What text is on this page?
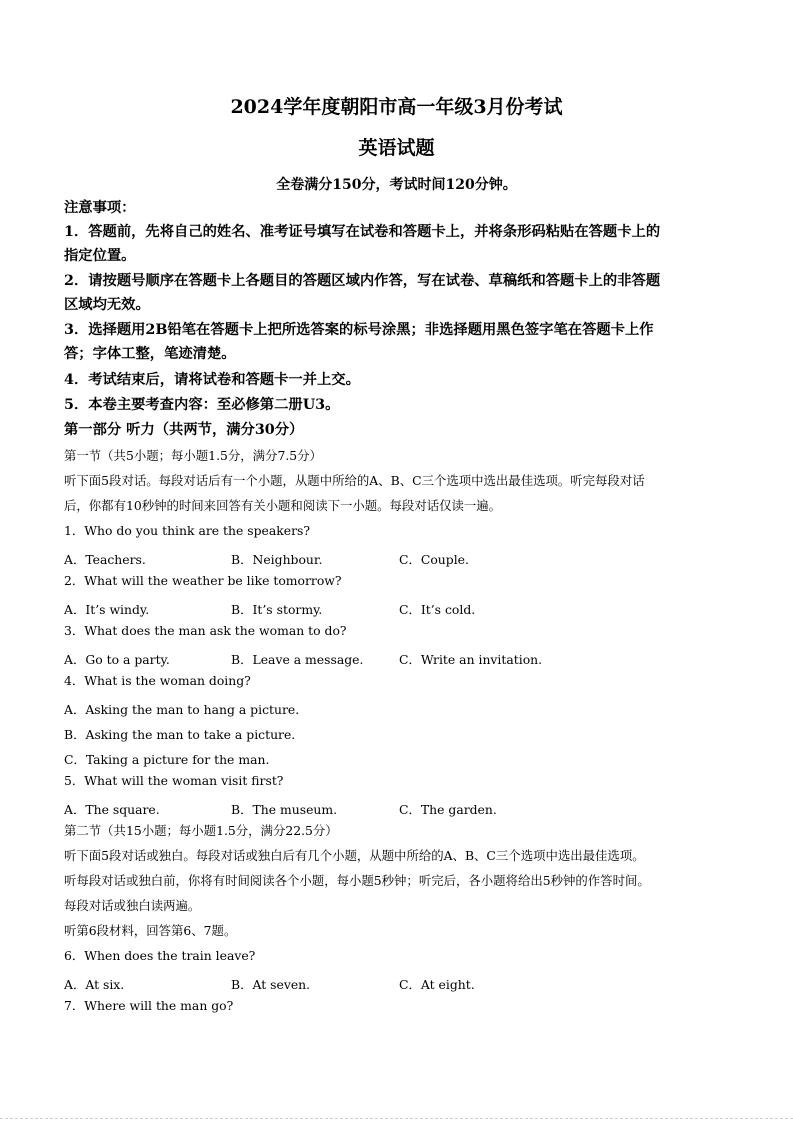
2024学年度朝阳市高一年级3月份考试
英语试题
全卷满分150分，考试时间120分钟。
注意事项：
1．答题前，先将自己的姓名、准考证号填写在试卷和答题卡上，并将条形码粘贴在答题卡上的
指定位置。
2．请按题号顺序在答题卡上各题目的答题区域内作答，写在试卷、草稿纸和答题卡上的非答题
区域均无效。
3．选择题用2B铅笔在答题卡上把所选答案的标号涂黑；非选择题用黑色签字笔在答题卡上作
答；字体工整，笔迹清楚。
4．考试结束后，请将试卷和答题卡一并上交。
5．本卷主要考查内容：至必修第二册U3。
第一部分 听力（共两节，满分30分）
第一节（共5小题；每小题1.5分，满分7.5分）
听下面5段对话。每段对话后有一个小题，从题中所给的A、B、C三个选项中选出最佳选项。听完每段对话
后，你都有10秒钟的时间来回答有关小题和阅读下一小题。每段对话仅读一遍。
1．Who do you think are the speakers?
A．Teachers.	B．Neighbour.	C．Couple.
2．What will the weather be like tomorrow?
A．It’s windy.	B．It’s stormy.	C．It’s cold.
3．What does the man ask the woman to do?
A．Go to a party.	B．Leave a message.	C．Write an invitation.
4．What is the woman doing?
A．Asking the man to hang a picture.
B．Asking the man to take a picture.
C．Taking a picture for the man.
5．What will the woman visit first?
A．The square.	B．The museum.	C．The garden.
第二节（共15小题；每小题1.5分，满分22.5分）
听下面5段对话或独白。每段对话或独白后有几个小题，从题中所给的A、B、C三个选项中选出最佳选项。
听每段对话或独白前，你将有时间阅读各个小题，每小题5秒钟；听完后，各小题将给出5秒钟的作答时间。
每段对话或独白读两遍。
听第6段材料，回答第6、7题。
6．When does the train leave?
A．At six.	B．At seven.	C．At eight.
7．Where will the man go?
